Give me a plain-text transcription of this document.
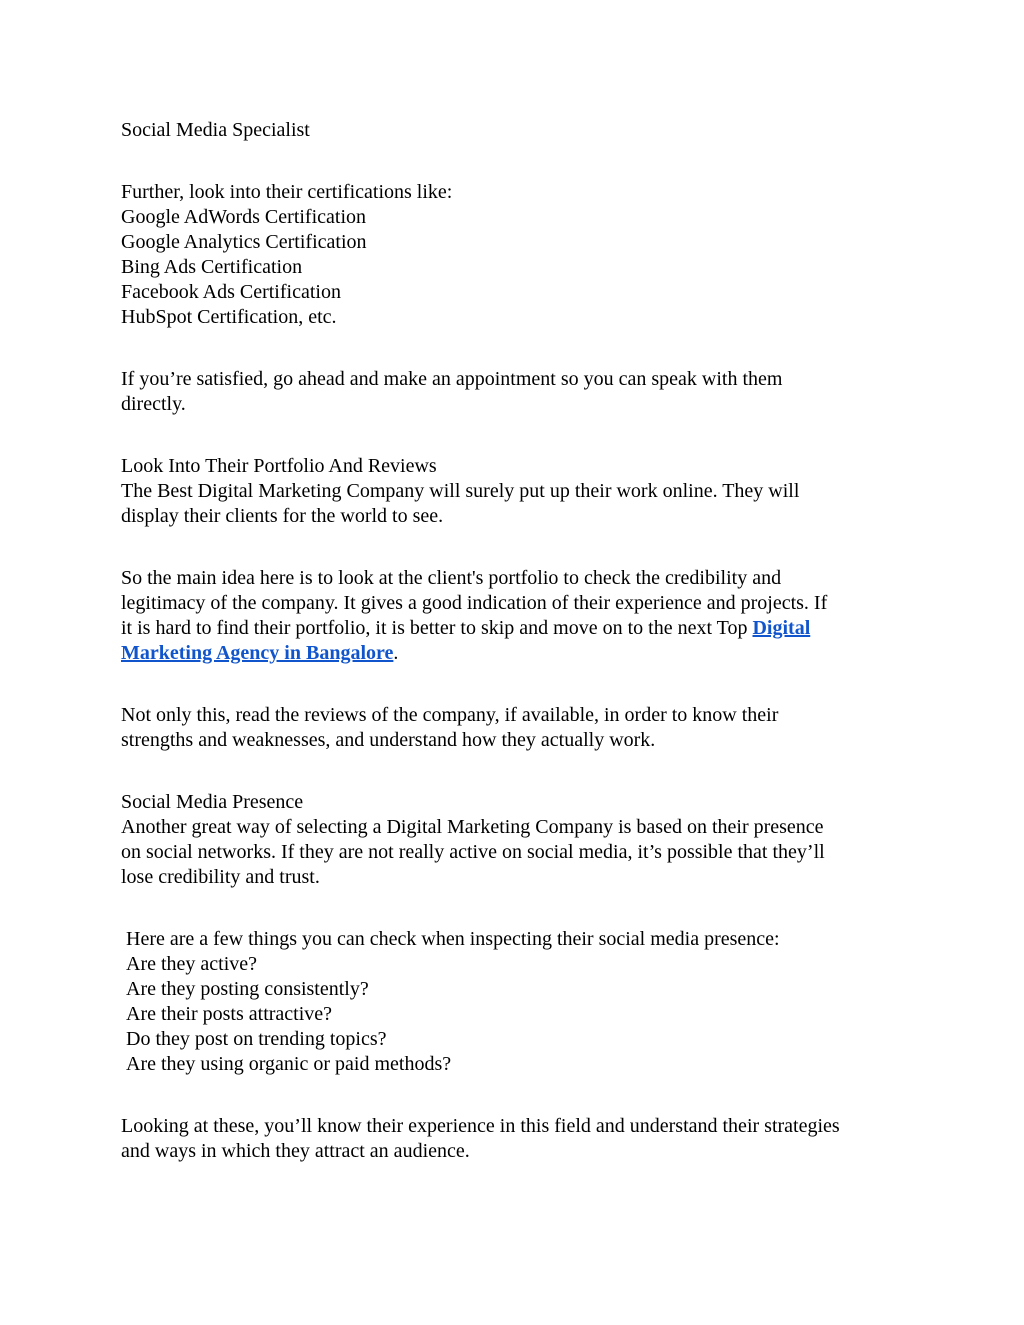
Social Media Specialist
Further, look into their certifications like:
Google AdWords Certification
Google Analytics Certification
Bing Ads Certification
Facebook Ads Certification
HubSpot Certification, etc.
If you’re satisfied, go ahead and make an appointment so you can speak with them
directly.
Look Into Their Portfolio And Reviews
The Best Digital Marketing Company will surely put up their work online. They will
display their clients for the world to see.
So the main idea here is to look at the client's portfolio to check the credibility and
legitimacy of the company. It gives a good indication of their experience and projects. If
it is hard to find their portfolio, it is better to skip and move on to the next Top Digital
Marketing Agency in Bangalore.
Not only this, read the reviews of the company, if available, in order to know their
strengths and weaknesses, and understand how they actually work.
Social Media Presence
Another great way of selecting a Digital Marketing Company is based on their presence
on social networks. If they are not really active on social media, it’s possible that they’ll
lose credibility and trust.
Here are a few things you can check when inspecting their social media presence:
Are they active?
Are they posting consistently?
Are their posts attractive?
Do they post on trending topics?
Are they using organic or paid methods?
Looking at these, you’ll know their experience in this field and understand their strategies
and ways in which they attract an audience.
